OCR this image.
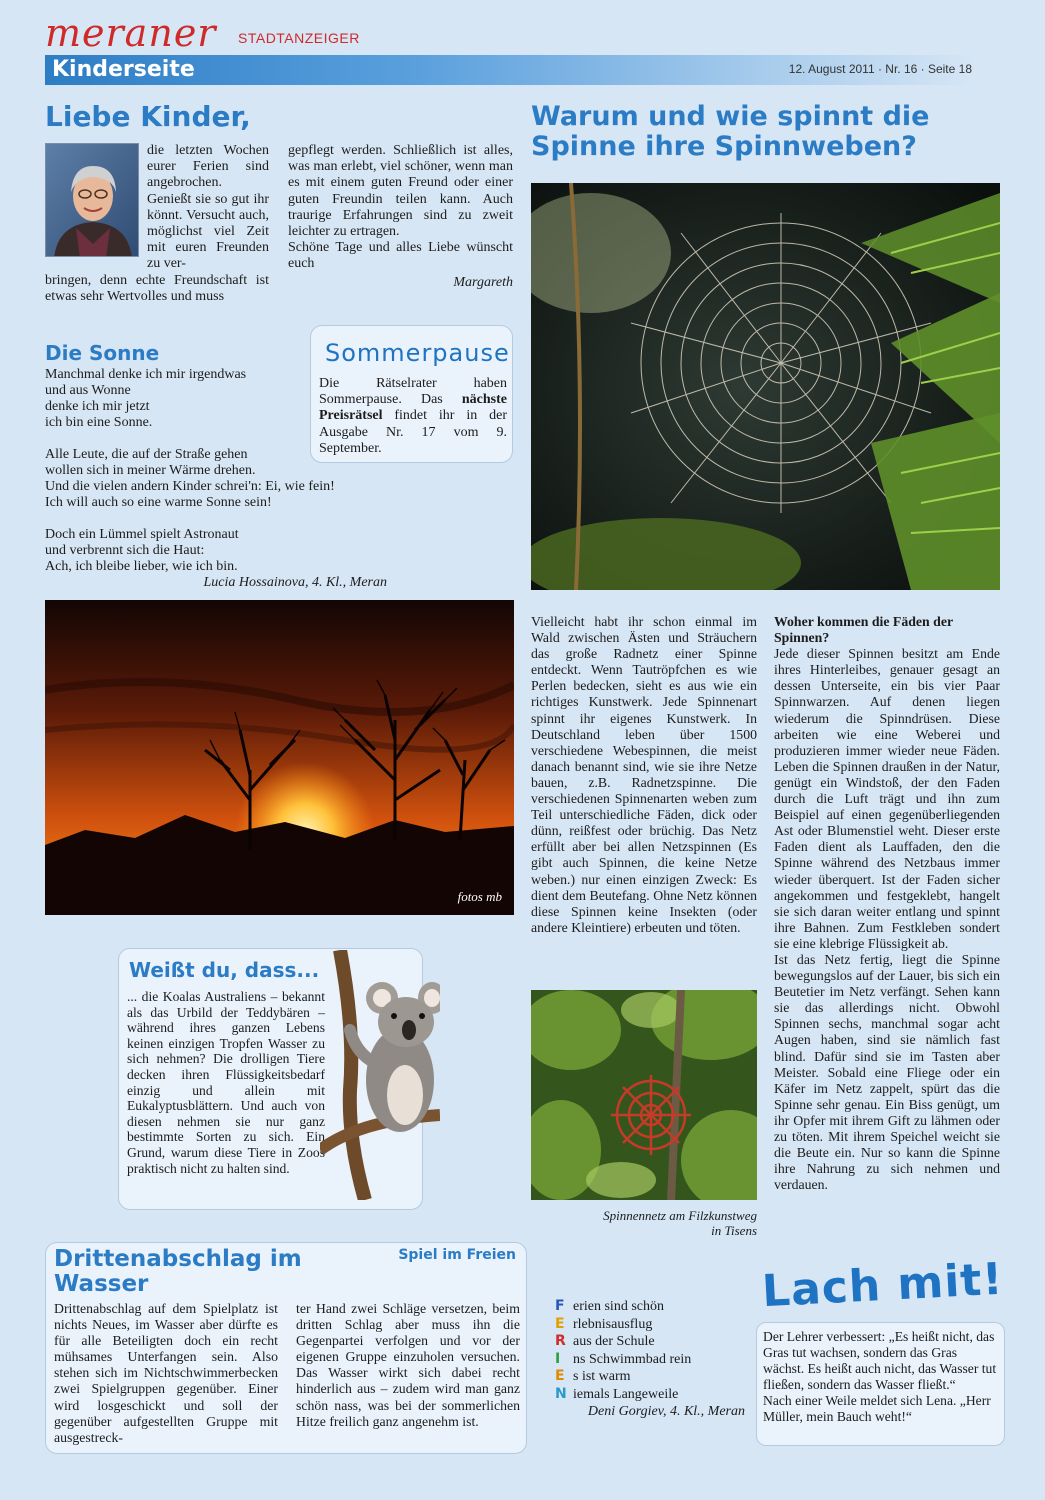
meraner STADTANZEIGER
Kinderseite	12. August 2011 · Nr. 16 · Seite 18
Liebe Kinder,
die letzten Wochen eurer Ferien sind angebrochen. Genießt sie so gut ihr könnt. Versucht auch, möglichst viel Zeit mit euren Freunden zu ver-
bringen, denn echte Freundschaft ist etwas sehr Wertvolles und muss

gepflegt werden. Schließlich ist alles, was man erlebt, viel schöner, wenn man es mit einem guten Freund oder einer guten Freundin teilen kann. Auch traurige Erfahrungen sind zu zweit leichter zu ertragen.

Schöne Tage und alles Liebe wünscht euch

Margareth

Sommerpause

Die Rätselrater haben Sommerpause. Das nächste Preisrätsel findet ihr in der Ausgabe Nr. 17 vom 9. September.

Die Sonne

Manchmal denke ich mir irgendwas
und aus Wonne
denke ich mir jetzt
ich bin eine Sonne.

Alle Leute, die auf der Straße gehen
wollen sich in meiner Wärme drehen.
Und die vielen andern Kinder schrei'n: Ei, wie fein!
Ich will auch so eine warme Sonne sein!

Doch ein Lümmel spielt Astronaut
und verbrennt sich die Haut:
Ach, ich bleibe lieber, wie ich bin.

Lucia Hossainova, 4. Kl., Meran

fotos mb
Weißt du, dass...

... die Koalas Australiens – bekannt als das Urbild der Teddybären – während ihres ganzen Lebens keinen einzigen Tropfen Wasser zu sich nehmen? Die drolligen Tiere decken ihren Flüssigkeitsbedarf einzig und allein mit Eukalyptusblättern. Und auch von diesen nehmen sie nur ganz bestimmte Sorten zu sich. Ein Grund, warum diese Tiere in Zoos praktisch nicht zu halten sind.

Warum und wie spinnt die Spinne ihre Spinnweben?

Vielleicht habt ihr schon einmal im Wald zwischen Ästen und Sträuchern das große Radnetz einer Spinne entdeckt. Wenn Tautröpfchen es wie Perlen bedecken, sieht es aus wie ein richtiges Kunstwerk. Jede Spinnenart spinnt ihr eigenes Kunstwerk. In Deutschland leben über 1500 verschiedene Webespinnen, die meist danach benannt sind, wie sie ihre Netze bauen, z.B. Radnetzspinne. Die verschiedenen Spinnenarten weben zum Teil unterschiedliche Fäden, dick oder dünn, reißfest oder brüchig. Das Netz erfüllt aber bei allen Netzspinnen (Es gibt auch Spinnen, die keine Netze weben.) nur einen einzigen Zweck: Es dient dem Beutefang. Ohne Netz können diese Spinnen keine Insekten (oder andere Kleintiere) erbeuten und töten.

Spinnennetz am Filzkunstweg
in Tisens

Woher kommen die Fäden der Spinnen?

Jede dieser Spinnen besitzt am Ende ihres Hinterleibes, genauer gesagt an dessen Unterseite, ein bis vier Paar Spinnwarzen. Auf denen liegen wiederum die Spinndrüsen. Diese arbeiten wie eine Weberei und produzieren immer wieder neue Fäden. Leben die Spinnen draußen in der Natur, genügt ein Windstoß, der den Faden durch die Luft trägt und ihn zum Beispiel auf einen gegenüberliegenden Ast oder Blumenstiel weht. Dieser erste Faden dient als Lauffaden, den die Spinne während des Netzbaus immer wieder überquert. Ist der Faden sicher angekommen und festgeklebt, hangelt sie sich daran weiter entlang und spinnt ihre Bahnen. Zum Festkleben sondert sie eine klebrige Flüssigkeit ab.

Ist das Netz fertig, liegt die Spinne bewegungslos auf der Lauer, bis sich ein Beutetier im Netz verfängt. Sehen kann sie das allerdings nicht. Obwohl Spinnen sechs, manchmal sogar acht Augen haben, sind sie nämlich fast blind. Dafür sind sie im Tasten aber Meister. Sobald eine Fliege oder ein Käfer im Netz zappelt, spürt das die Spinne sehr genau. Ein Biss genügt, um ihr Opfer mit ihrem Gift zu lähmen oder zu töten. Mit ihrem Speichel weicht sie die Beute ein. Nur so kann die Spinne ihre Nahrung zu sich nehmen und verdauen.

Drittenabschlag im Wasser
Spiel im Freien

Drittenabschlag auf dem Spielplatz ist nichts Neues, im Wasser aber dürfte es für alle Beteiligten doch ein recht mühsames Unterfangen sein. Also stehen sich im Nichtschwimmerbecken zwei Spielgruppen gegenüber. Einer wird losgeschickt und soll der gegenüber aufgestellten Gruppe mit ausgestreck-

ter Hand zwei Schläge versetzen, beim dritten Schlag aber muss ihn die Gegenpartei verfolgen und vor der eigenen Gruppe einzuholen versuchen. Das Wasser wirkt sich dabei recht hinderlich aus – zudem wird man ganz schön nass, was bei der sommerlichen Hitze freilich ganz angenehm ist.

F erien sind schön
E rlebnisausflug
R aus der Schule
I ns Schwimmbad rein
E s ist warm
N iemals Langeweile
Deni Gorgiev, 4. Kl., Meran
Lach mit!

Der Lehrer verbessert: „Es heißt nicht, das Gras tut wachsen, sondern das Gras wächst. Es heißt auch nicht, das Wasser tut fließen, sondern das Wasser fließt.“
Nach einer Weile meldet sich Lena. „Herr Müller, mein Bauch weht!“
